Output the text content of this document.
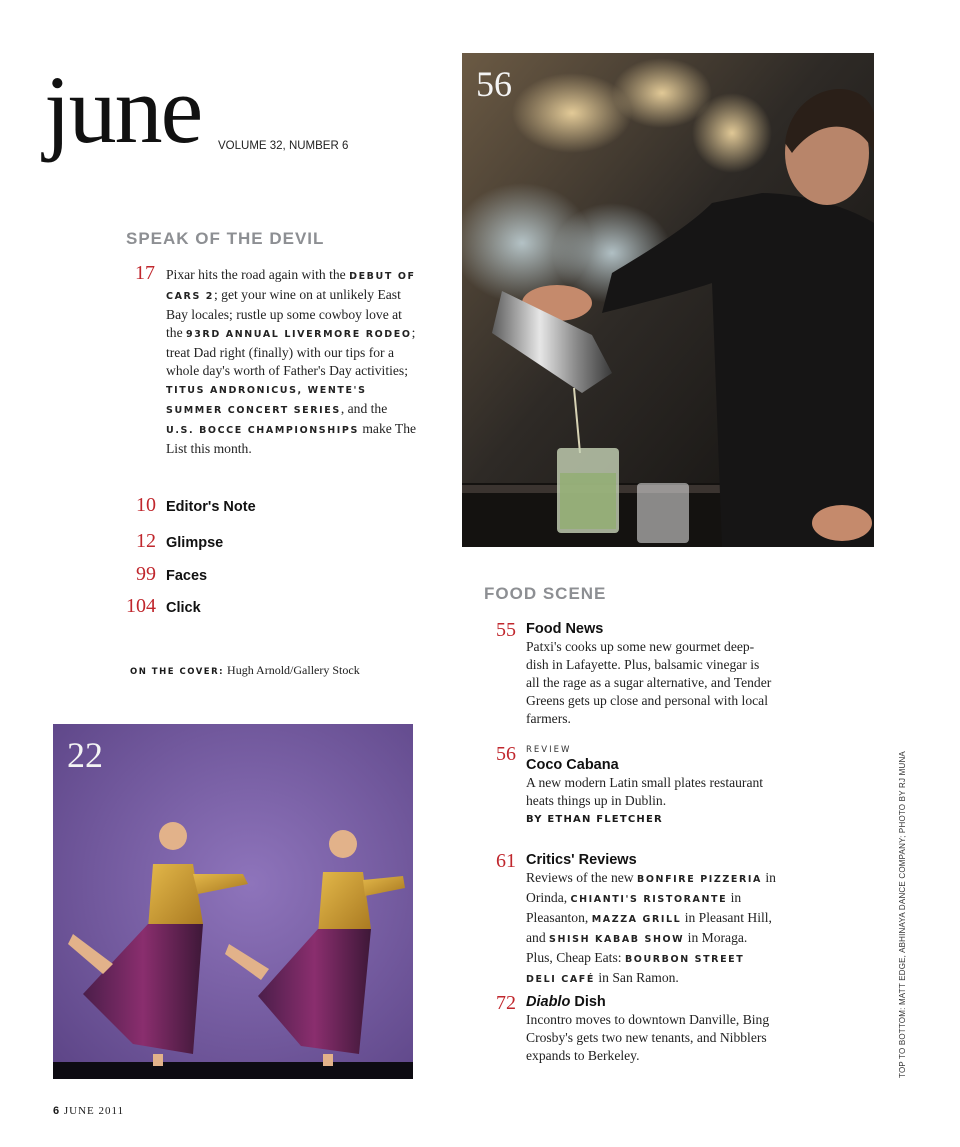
june VOLUME 32, NUMBER 6
SPEAK OF THE DEVIL
17 Pixar hits the road again with the DEBUT OF CARS 2; get your wine on at unlikely East Bay locales; rustle up some cowboy love at the 93RD ANNUAL LIVERMORE RODEO; treat Dad right (finally) with our tips for a whole day's worth of Father's Day activities; TITUS ANDRONICUS, WENTE'S SUMMER CONCERT SERIES, and the U.S. BOCCE CHAMPIONSHIPS make The List this month.
10 Editor's Note
12 Glimpse
99 Faces
104 Click
ON THE COVER: Hugh Arnold/Gallery Stock
56
22
FOOD SCENE
55 Food News
Patxi's cooks up some new gourmet deep-dish in Lafayette. Plus, balsamic vinegar is all the rage as a sugar alternative, and Tender Greens gets up close and personal with local farmers.
56 REVIEW
Coco Cabana
A new modern Latin small plates restaurant heats things up in Dublin.
BY ETHAN FLETCHER
61 Critics' Reviews
Reviews of the new BONFIRE PIZZERIA in Orinda, CHIANTI'S RISTORANTE in Pleasanton, MAZZA GRILL in Pleasant Hill, and SHISH KABAB SHOW in Moraga. Plus, Cheap Eats: BOURBON STREET DELI CAFÉ in San Ramon.
72 Diablo Dish
Incontro moves to downtown Danville, Bing Crosby's gets two new tenants, and Nibblers expands to Berkeley.	TOP TO BOTTOM: MATT EDGE, ABHINAYA DANCE COMPANY; PHOTO BY RJ MUNA
6 JUNE 2011
